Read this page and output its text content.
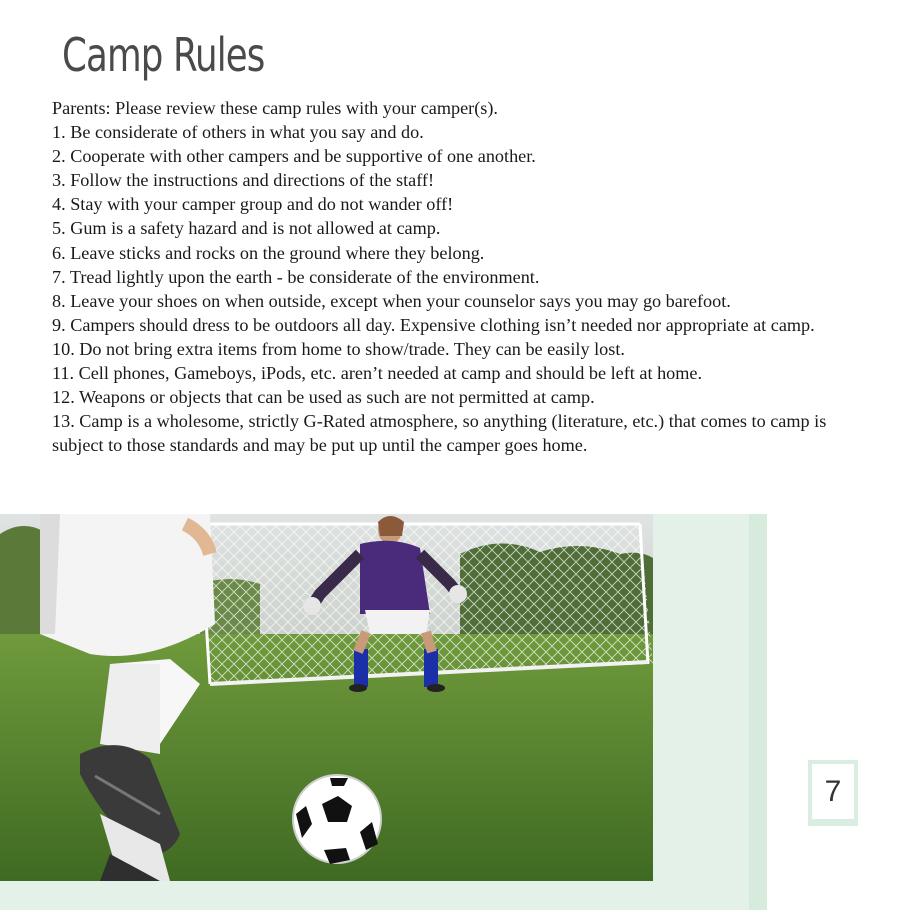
Camp Rules

Parents: Please review these camp rules with your camper(s).

1. Be considerate of others in what you say and do.

2. Cooperate with other campers and be supportive of one another.

3. Follow the instructions and directions of the staff!

4. Stay with your camper group and do not wander off!

5. Gum is a safety hazard and is not allowed at camp.

6. Leave sticks and rocks on the ground where they belong.

7. Tread lightly upon the earth - be considerate of the environment.

8. Leave your shoes on when outside, except when your counselor says you may go barefoot.

9. Campers should dress to be outdoors all day. Expensive clothing isn’t needed nor appropriate at camp.

10. Do not bring extra items from home to show/trade. They can be easily lost.

11. Cell phones, Gameboys, iPods, etc. aren’t needed at camp and should be left at home.

12. Weapons or objects that can be used as such are not permitted at camp.

13. Camp is a wholesome, strictly G-Rated atmosphere, so anything (literature, etc.) that comes to camp is subject to those standards and may be put up until the camper goes home.

7
